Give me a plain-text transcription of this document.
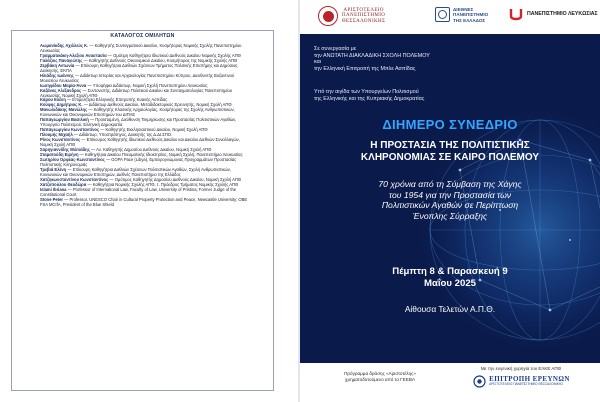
ΚΑΤΑΛΟΓΟΣ ΟΜΙΛΗΤΩΝ
Αωμανίκδης Αχιλλεύς Κ. — Καθηγητής Συνταγματικού Δικαίου, Κοσμήτορας Νομικής Σχολής Πανεπιστημίου Λευκωσίας
Γραμματικάκη-Αλεξίου Αναστασία — Ομότιμη Καθηγήτρια Ιδιωτικού Διεθνούς Δικαίου Νομικής Σχολής ΑΠΘ
Γαλάζιος Παναγιώτης — Καθηγητής Διεθνούς Οικονομικού Δικαίου, Κοσμήτορας της Νομικής Σχολής ΑΠΘ
Ζερβάκη Αντωνία — Επίκουρη Καθηγήτρια Διεθνών Σχέσεων Τμήματος Πολιτικής Επιστήμης και Δημόσιας Διοίκησης, ΕΚΠΑ
Ηλιάδης Ιωάννης — Διδάκτωρ Ιστορίας και Αρχαιολογίας Πανεπιστημίου Κύπρου, Διευθυντής Βυζαντινού Μουσείου Λευκωσίας
Ιωσηφίδου Μαρία-Άννα — Υποψήφια Διδάκτωρ, Νομική Σχολή Πανεπιστημίου Λευκωσίας
Καζάνας Αλέξανδρος — Συντονιστής, Διδάκτωρ Πολιτικού Δικαίου και Συνταγματολογίας Πανεπιστημίου Λευκωσίας, Νομική Σχολή ΑΠΘ
Κάρου Ελένη — Επιμελήτρια Ελληνικής Επιτροπής Κυανής Ασπίδας
Κούφης Δημήτριος Κ. — Διδάκτωρ Διεθνούς Δικαίου, Μεταδιδακτορικός Ερευνητής, Νομική Σχολή ΑΠΘ
Μανωλιδάκης Μανώλης — Καθηγητής Κλασικής Αρχαιολογίας, Κοσμήτορας της Σχολής Ανθρωπιστικών, Κοινωνικών και Οικονομικών Επιστημών του ΔΙΠΑΕ
Παπαγεωργίου Βασιλική — Προϊσταμένη, Διεύθυνση Τεκμηρίωσης και Προστασίας Πολιτιστικών Αγαθών, Υπουργείο Πολιτισμού, Ελληνική Δημοκρατία
Παπαγεωργίου Κωνσταντίνος — Καθηγητής Εκκλησιαστικού Δικαίου, Νομική Σχολή ΑΠΘ
Πλουμής Μιχαήλ — Διδάκτωρ, Υποστράτηγος, Διοικητής της Δ.ΔΙ.ΣΠΟ.
Ρίνος Κωνσταντίνος — Επίκουρος Καθηγητής Ιδιωτικού Διεθνούς Δικαίου και Δικαίου Διεθνών Συναλλαγών, Νομική Σχολή ΑΠΘ
Σαρηγιαννίδης Μιλτιάδης — Αν. Καθηγητής Δημοσίου Διεθνούς Δικαίου, Νομική Σχολή ΑΠΘ
Σταματούδη Ειρήνη — Καθηγήτρια Δικαίου Πνευματικής Ιδιοκτησίας, Νομική Σχολή, Πανεπιστήμιο Λευκωσίας
Σωτηρίου Ορφέας-Κωνσταντίνος — GOPA Pace (Libya), Εμπειρογνώμονας Προγραμμάτων Προστασίας Πολιτιστικής Κληρονομιάς
Τρεβιά Ελένη — Επίκουρη Καθηγήτρια Διεθνών Σχέσεων Πολιτιστικών Αγαθών, Σχολή Ανθρωπιστικών, Κοινωνικών και Οικονομικών Επιστημών, Διεθνές Πανεπιστήμιο της Ελλάδος
Χατζηκωνσταντίνου Κωνσταντίνος — Ομότιμος Καθηγητής Δημοσίου Διεθνούς Δικαίου, Νομική Σχολή ΑΠΘ
Χατζοπούλου Θεοδώρα — Καθηγήτρια Νομικής Σχολής ΑΠΘ, τ. Πρόεδρος Τμήματος Νομικής Σχολής ΑΠΘ
Islami Ibriana — Professor of International Law, Faculty of Law, University of Pristina; Former Judge of the Constitutional Court
Stone Peter — Professor, UNESCO Chair in Cultural Property Protection and Peace, Newcastle University; OBE FSA MCIfA, President of the Blue Shield
ΑΡΙΣΤΟΤΕΛΕΙΟ
ΠΑΝΕΠΙΣΤΗΜΙΟ
ΘΕΣΣΑΛΟΝΙΚΗΣ
ΔΙΕΘΝΕΣ
ΠΑΝΕΠΙΣΤΗΜΙΟ
ΤΗΣ ΕΛΛΑΔΟΣ
ΠΑΝΕΠΙΣΤΗΜΙΟ ΛΕΥΚΩΣΙΑΣ
Σε συνεργασία με
την ΑΝΩΤΑΤΗ ΔΙΑΚΛΑΔΙΚΗ ΣΧΟΛΗ ΠΟΛΕΜΟΥ
και
την Ελληνική Επιτροπή της Μπλε Ασπίδας
Υπό την αιγίδα των Υπουργείων Πολιτισμού
της Ελληνικής και της Κυπριακής Δημοκρατίας
ΔΙΗΜΕΡΟ ΣΥΝΕΔΡΙΟ
Η ΠΡΟΣΤΑΣΙΑ ΤΗΣ ΠΟΛΙΤΙΣΤΙΚΗΣ
ΚΛΗΡΟΝΟΜΙΑΣ ΣΕ ΚΑΙΡΟ ΠΟΛΕΜΟΥ
70 χρόνια από τη Σύμβαση της Χάγης
του 1954 για την Προστασία των
Πολιτιστικών Αγαθών σε Περίπτωση
Ένοπλης Σύρραξης
Πέμπτη 8 & Παρασκευή 9
Μαΐου 2025
Αίθουσα Τελετών Α.Π.Θ.
Πρόγραμμα δράσης «Αριστοτέλης»
χρηματοδοτούμενο από το ΓΕΕΒΑ
Με την ευγενική χορηγία του ΕΛΚΕ ΑΠΘ
ΕΠΙΤΡΟΠΗ ΕΡΕΥΝΩΝ
ΑΡΙΣΤΟΤΕΛΕΙΟ ΠΑΝΕΠΙΣΤΗΜΙΟ ΘΕΣΣΑΛΟΝΙΚΗΣ
